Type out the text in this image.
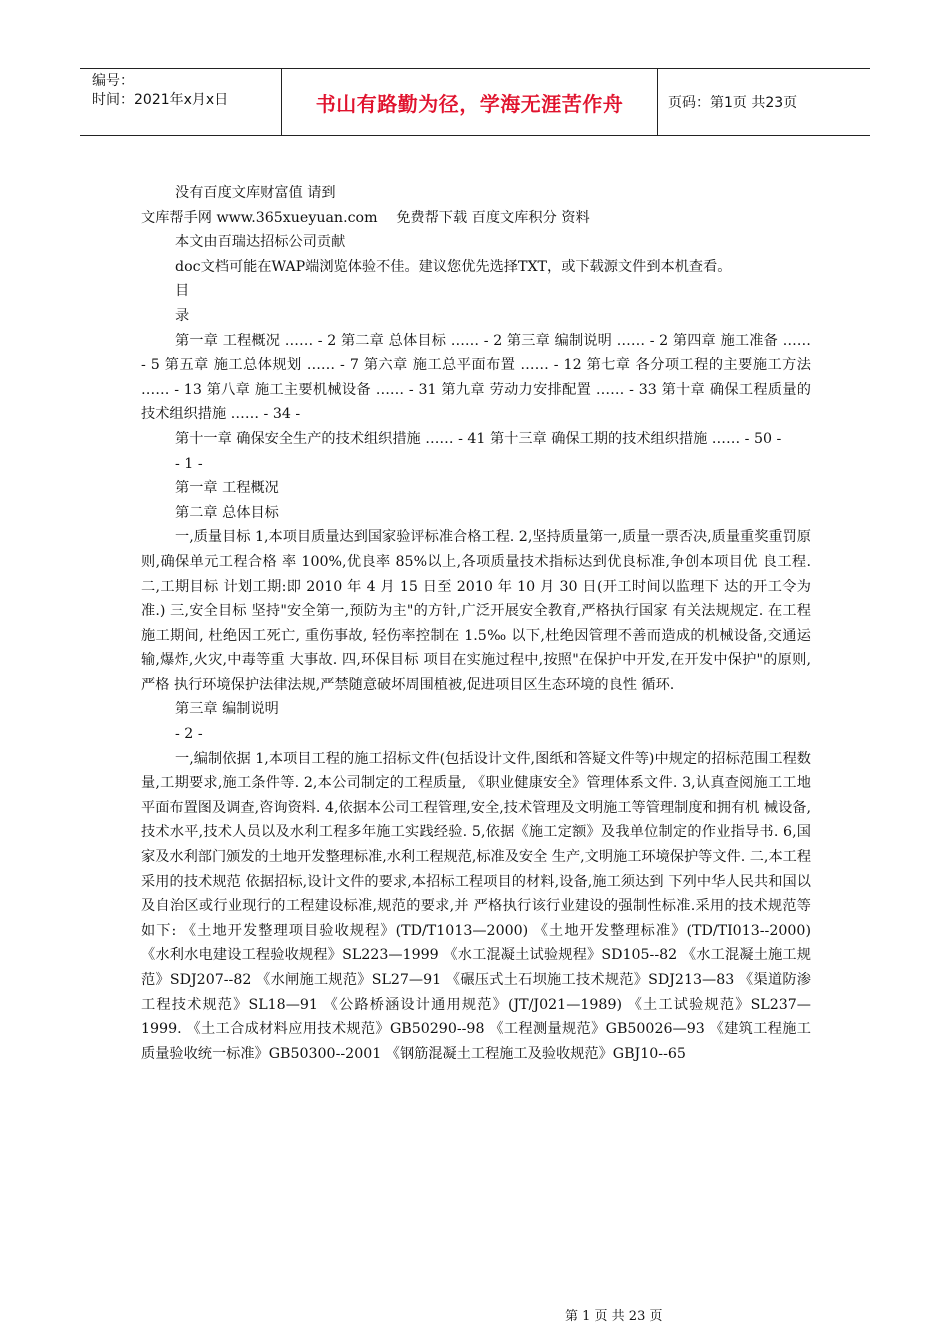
编号：
时间：2021年x月x日	书山有路勤为径，学海无涯苦作舟	页码：第1页 共23页

没有百度文库财富值 请到

文库帮手网 www.365xueyuan.com　 免费帮下载 百度文库积分 资料

本文由百瑞达招标公司贡献

doc文档可能在WAP端浏览体验不佳。建议您优先选择TXT，或下载源文件到本机查看。

目

录

第一章 工程概况 …… - 2 第二章 总体目标 …… - 2 第三章 编制说明 …… - 2 第四章 施工准备 …… - 5 第五章 施工总体规划 …… - 7 第六章 施工总平面布置 …… - 12 第七章 各分项工程的主要施工方法 …… - 13 第八章 施工主要机械设备 …… - 31 第九章 劳动力安排配置 …… - 33 第十章 确保工程质量的技术组织措施 …… - 34 -

第十一章 确保安全生产的技术组织措施 …… - 41 第十三章 确保工期的技术组织措施 …… - 50 -

- 1 -

第一章 工程概况

第二章 总体目标

一,质量目标 1,本项目质量达到国家验评标准合格工程. 2,坚持质量第一,质量一票否决,质量重奖重罚原则,确保单元工程合格 率 100%,优良率 85%以上,各项质量技术指标达到优良标准,争创本项目优 良工程. 二,工期目标 计划工期:即 2010 年 4 月 15 日至 2010 年 10 月 30 日(开工时间以监理下 达的开工令为准.) 三,安全目标 坚持"安全第一,预防为主"的方针,广泛开展安全教育,严格执行国家 有关法规规定. 在工程施工期间, 杜绝因工死亡, 重伤事故, 轻伤率控制在 1.5‰ 以下,杜绝因管理不善而造成的机械设备,交通运输,爆炸,火灾,中毒等重 大事故. 四,环保目标 项目在实施过程中,按照"在保护中开发,在开发中保护"的原则,严格 执行环境保护法律法规,严禁随意破坏周围植被,促进项目区生态环境的良性 循环.

第三章 编制说明

- 2 -

一,编制依据 1,本项目工程的施工招标文件(包括设计文件,图纸和答疑文件等)中规定的招标范围工程数量,工期要求,施工条件等. 2,本公司制定的工程质量, 《职业健康安全》管理体系文件. 3,认真查阅施工工地平面布置图及调查,咨询资料. 4,依据本公司工程管理,安全,技术管理及文明施工等管理制度和拥有机 械设备,技术水平,技术人员以及水利工程多年施工实践经验. 5,依据《施工定额》及我单位制定的作业指导书. 6,国家及水利部门颁发的土地开发整理标准,水利工程规范,标准及安全 生产,文明施工环境保护等文件. 二,本工程采用的技术规范 依据招标,设计文件的要求,本招标工程项目的材料,设备,施工须达到 下列中华人民共和国以及自治区或行业现行的工程建设标准,规范的要求,并 严格执行该行业建设的强制性标准.采用的技术规范等如下: 《土地开发整理项目验收规程》(TD/T1013—2000) 《土地开发整理标准》(TD/TI013--2000) 《水利水电建设工程验收规程》SL223—1999 《水工混凝土试验规程》SD105--82 《水工混凝土施工规范》SDJ207--82 《水闸施工规范》SL27—91 《碾压式土石坝施工技术规范》SDJ213—83 《渠道防渗工程技术规范》SL18—91 《公路桥涵设计通用规范》(JT/J021—1989) 《土工试验规范》SL237—1999. 《土工合成材料应用技术规范》GB50290--98 《工程测量规范》GB50026—93 《建筑工程施工质量验收统一标准》GB50300--2001 《钢筋混凝土工程施工及验收规范》GBJ10--65

第 1 页 共 23 页
